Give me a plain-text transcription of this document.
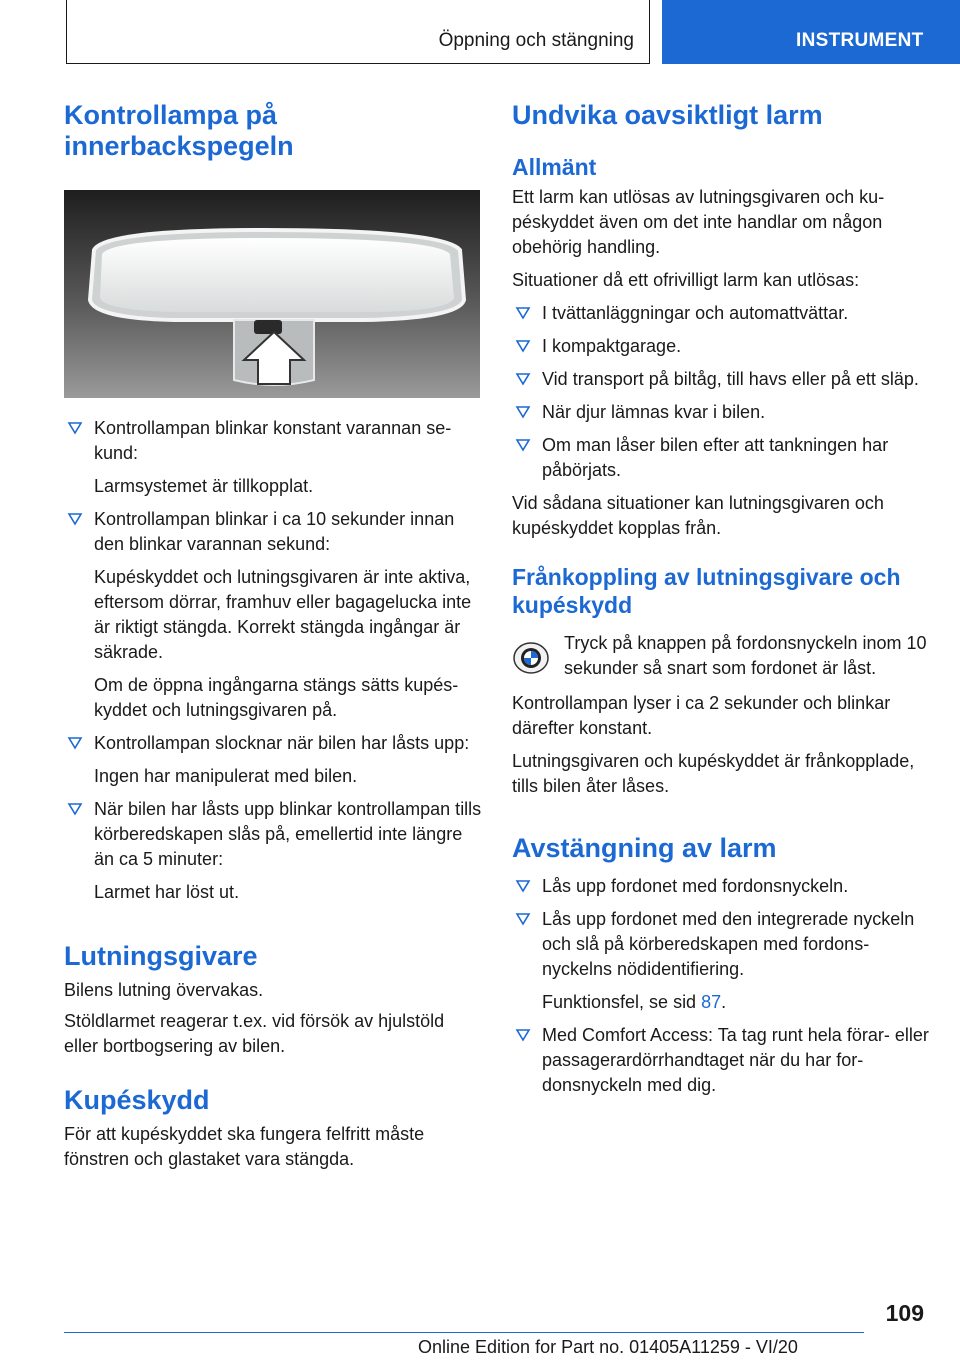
Öppning och stängning	INSTRUMENT
Kontrollampa på innerbackspegeln

Kontrollampan blinkar konstant varannan sekund:

Larmsystemet är tillkopplat.

Kontrollampan blinkar i ca 10 sekunder innan den blinkar varannan sekund:

Kupéskyddet och lutningsgivaren är inte aktiva, eftersom dörrar, framhuv eller bagagelucka inte är riktigt stängda. Korrekt stängda ingångar är säkrade.

Om de öppna ingångarna stängs sätts kupéskyddet och lutningsgivaren på.

Kontrollampan slocknar när bilen har låsts upp:

Ingen har manipulerat med bilen.

När bilen har låsts upp blinkar kontrollampan tills körberedskapen slås på, emellertid inte längre än ca 5 minuter:

Larmet har löst ut.

Lutningsgivare

Bilens lutning övervakas.

Stöldlarmet reagerar t.ex. vid försök av hjulstöld eller bortbogsering av bilen.

Kupéskydd

För att kupéskyddet ska fungera felfritt måste fönstren och glastaket vara stängda.

Undvika oavsiktligt larm
Allmänt

Ett larm kan utlösas av lutningsgivaren och kupéskyddet även om det inte handlar om någon obehörig handling.

Situationer då ett ofrivilligt larm kan utlösas:

I tvättanläggningar och automattvättar.

I kompaktgarage.

Vid transport på biltåg, till havs eller på ett släp.

När djur lämnas kvar i bilen.

Om man låser bilen efter att tankningen har påbörjats.

Vid sådana situationer kan lutningsgivaren och kupéskyddet kopplas från.

Frånkoppling av lutningsgivare och kupéskydd

Tryck på knappen på fordonsnyckeln inom 10 sekunder så snart som fordonet är låst.

Kontrollampan lyser i ca 2 sekunder och blinkar därefter konstant.

Lutningsgivaren och kupéskyddet är frånkopplade, tills bilen åter låses.

Avstängning av larm

Lås upp fordonet med fordonsnyckeln.

Lås upp fordonet med den integrerade nyckeln och slå på körberedskapen med fordonsnyckelns nödidentifiering.

Funktionsfel, se sid 87.

Med Comfort Access: Ta tag runt hela förar- eller passagerardörrhandtaget när du har fordonsnyckeln med dig.

109
Online Edition for Part no. 01405A11259 - VI/20
